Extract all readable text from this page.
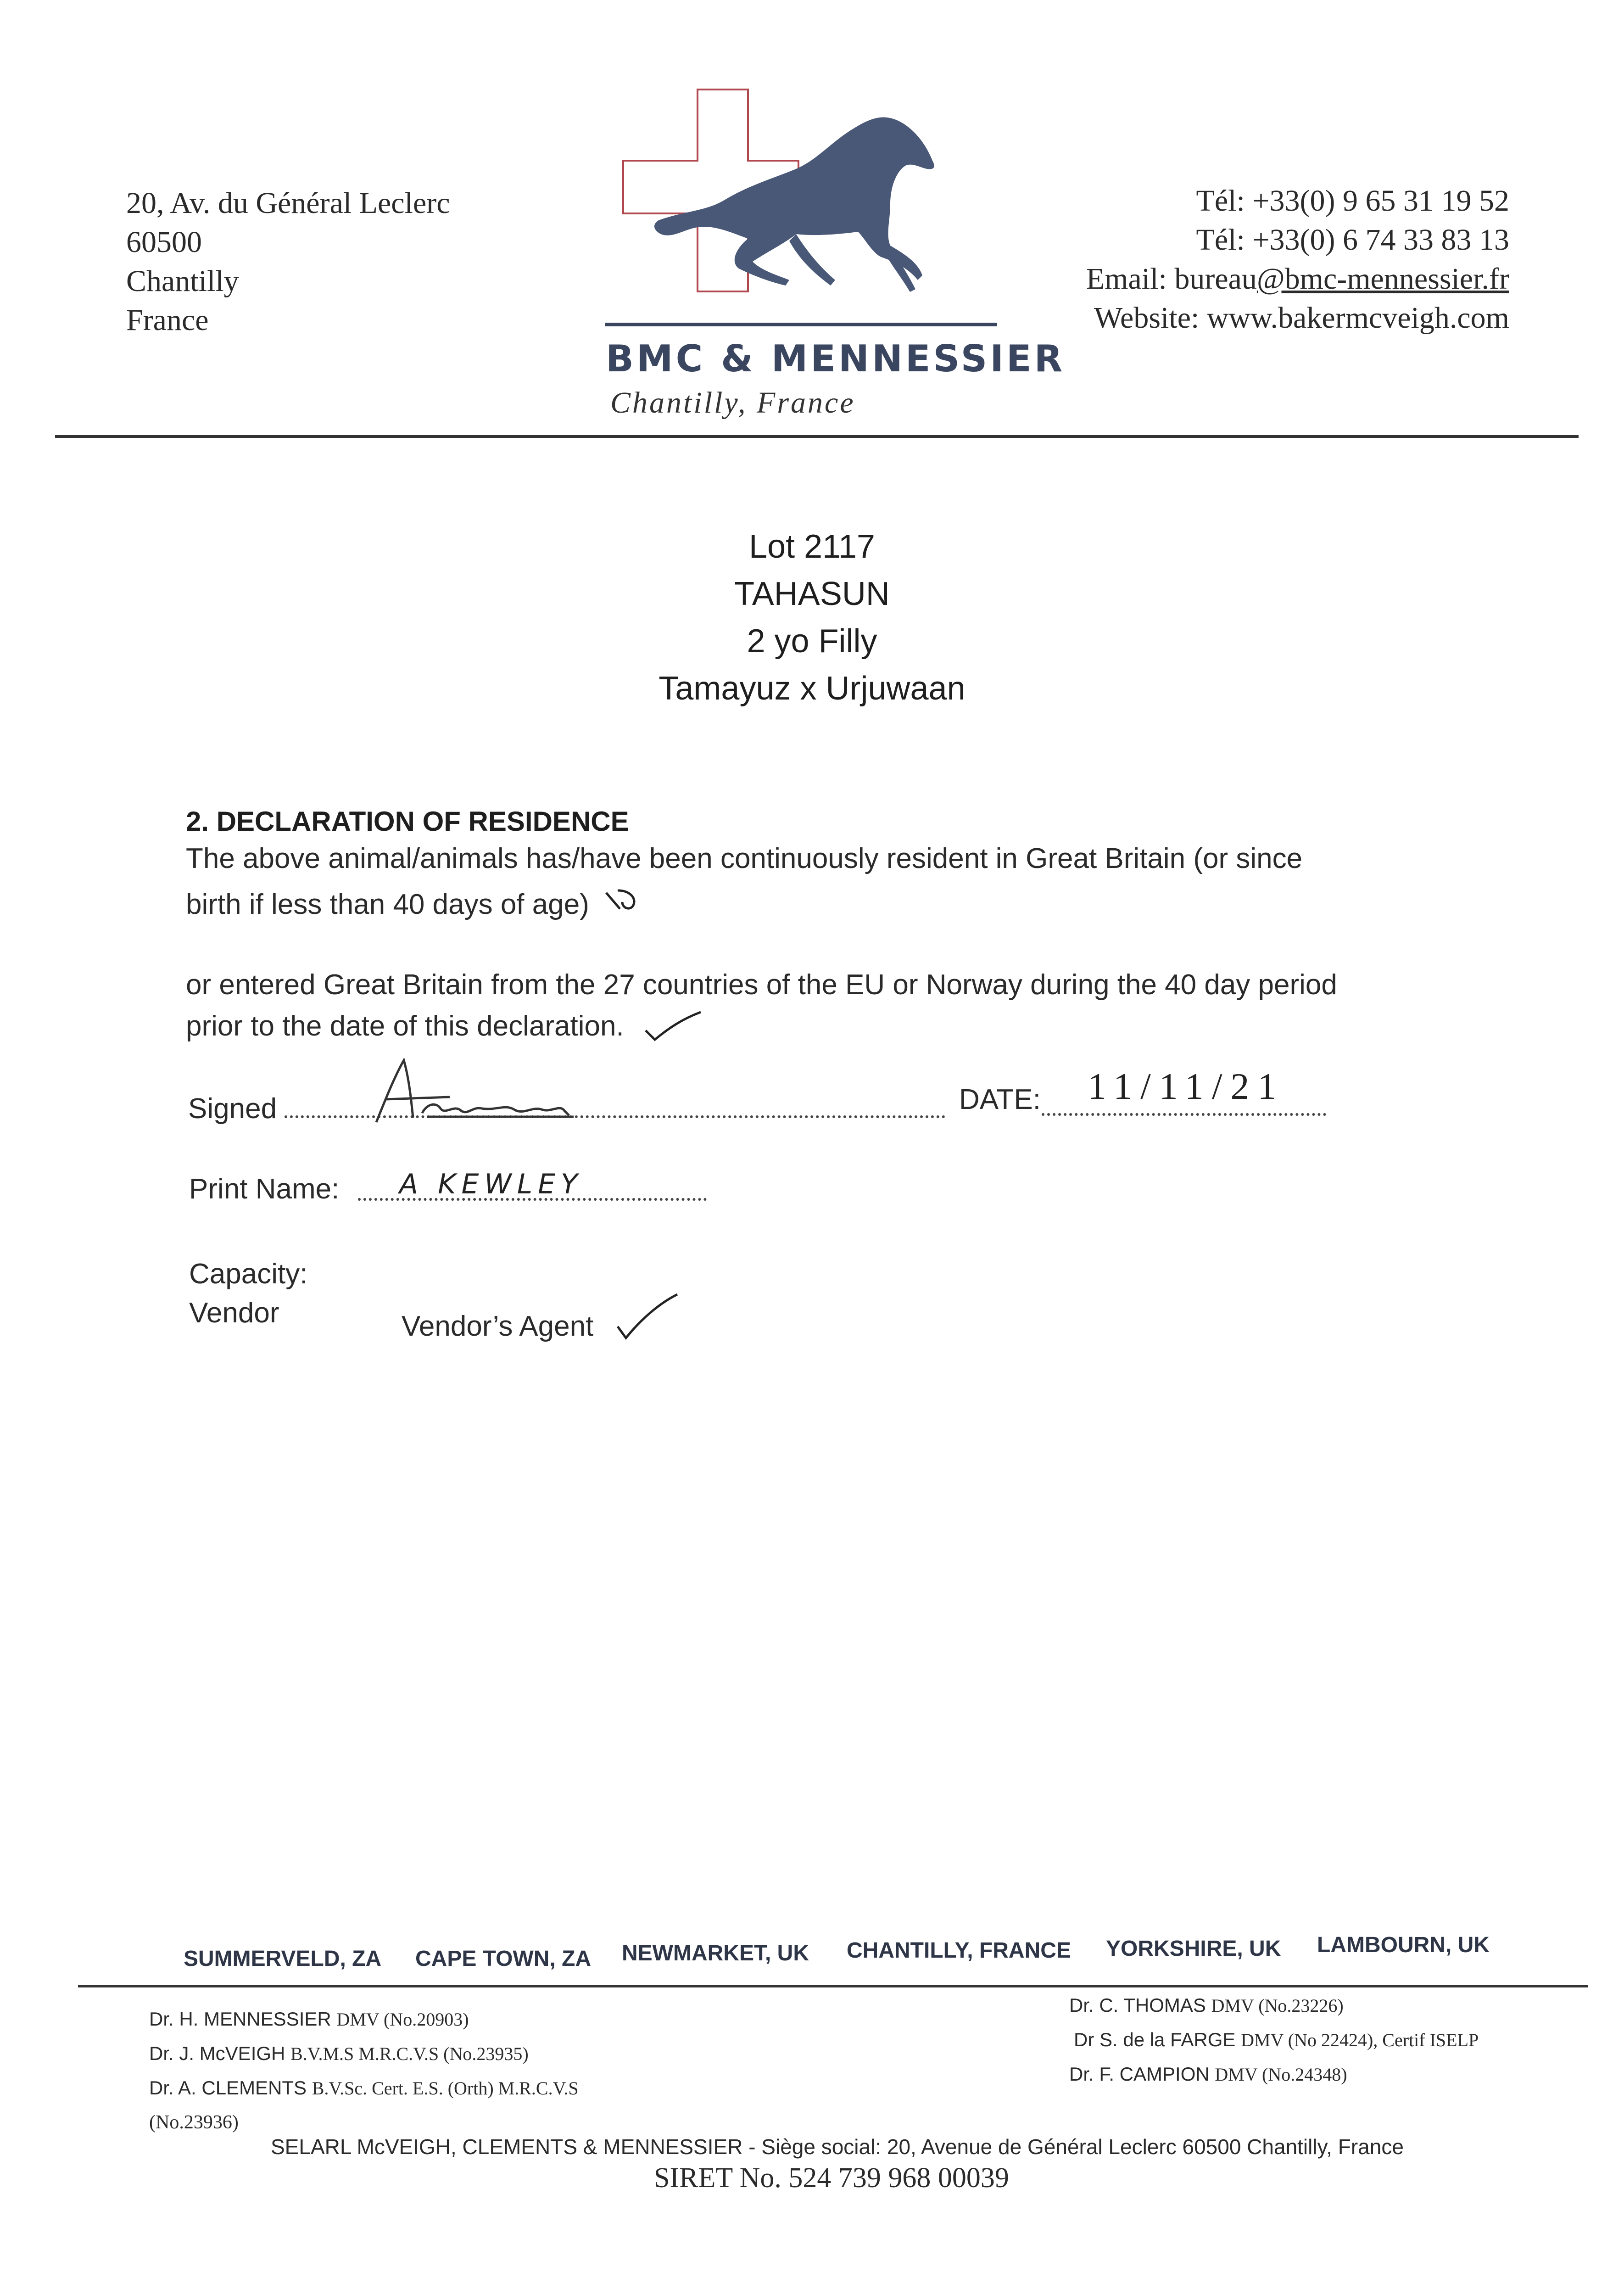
20, Av. du Général Leclerc
60500
Chantilly
France
BMC & MENNESSIER
Chantilly, France
Tél: +33(0) 9 65 31 19 52
Tél: +33(0) 6 74 33 83 13
Email: bureau@bmc-mennessier.fr
Website: www.bakermcveigh.com
Lot 2117
TAHASUN
2 yo Filly
Tamayuz x Urjuwaan
2. DECLARATION OF RESIDENCE
The above animal/animals has/have been continuously resident in Great Britain (or since
birth if less than 40 days of age)
or entered Great Britain from the 27 countries of the EU or Norway during the 40 day period
prior to the date of this declaration.
Signed	DATE: 11/11/21
Print Name: A KEWLEY
Capacity:
Vendor	Vendor’s Agent
SUMMERVELD, ZA CAPE TOWN, ZA NEWMARKET, UK CHANTILLY, FRANCE YORKSHIRE, UK LAMBOURN, UK
Dr. H. MENNESSIER DMV (No.20903)
Dr. J. McVEIGH B.V.M.S M.R.C.V.S (No.23935)
Dr. A. CLEMENTS B.V.Sc. Cert. E.S. (Orth) M.R.C.V.S
(No.23936)
Dr. C. THOMAS DMV (No.23226)
Dr S. de la FARGE DMV (No 22424), Certif ISELP
Dr. F. CAMPION DMV (No.24348)
SELARL McVEIGH, CLEMENTS & MENNESSIER - Siège social: 20, Avenue de Général Leclerc 60500 Chantilly, France
SIRET No. 524 739 968 00039
